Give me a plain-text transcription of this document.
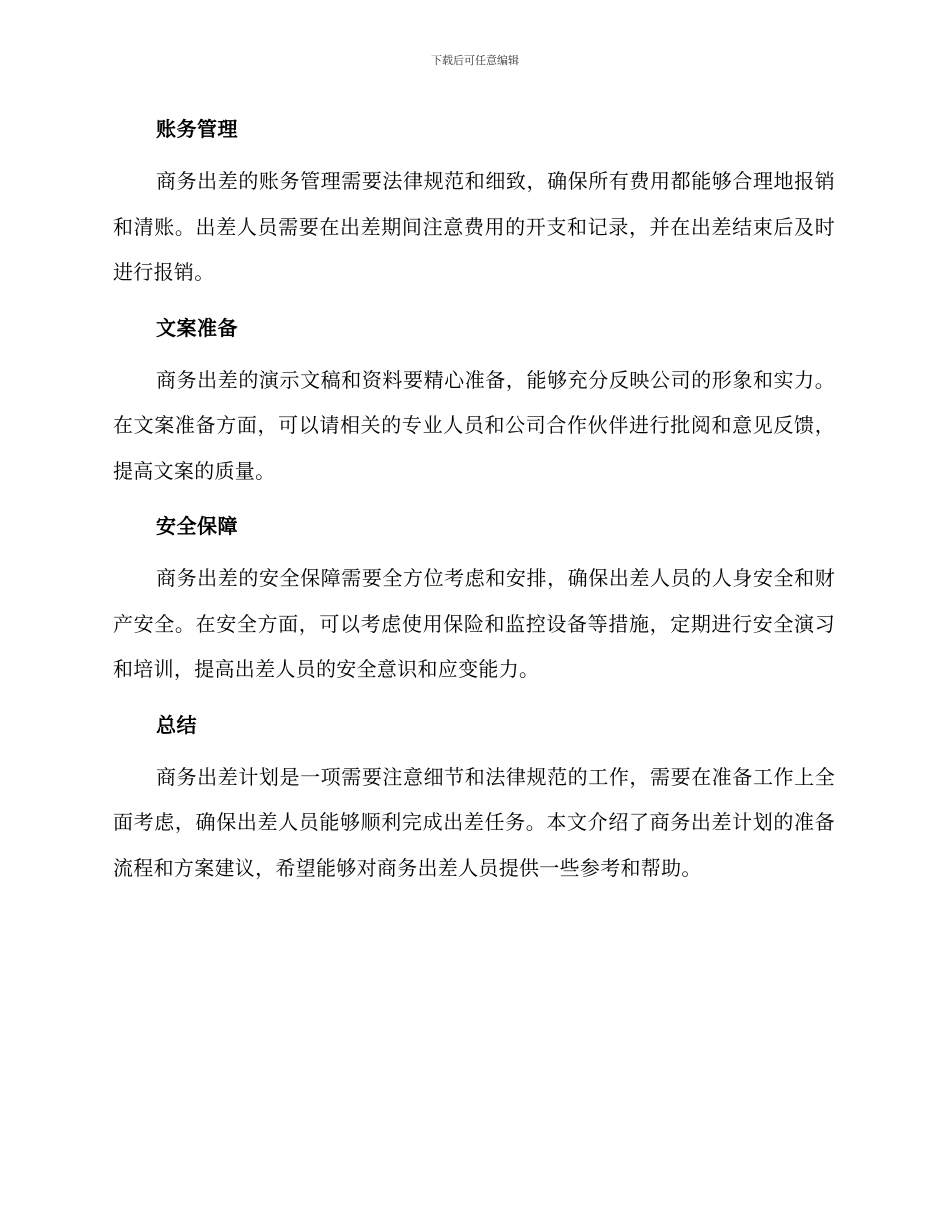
下载后可任意编辑
账务管理

商务出差的账务管理需要法律规范和细致，确保所有费用都能够合理地报销和清账。出差人员需要在出差期间注意费用的开支和记录，并在出差结束后及时进行报销。

文案准备

商务出差的演示文稿和资料要精心准备，能够充分反映公司的形象和实力。在文案准备方面，可以请相关的专业人员和公司合作伙伴进行批阅和意见反馈，提高文案的质量。

安全保障

商务出差的安全保障需要全方位考虑和安排，确保出差人员的人身安全和财产安全。在安全方面，可以考虑使用保险和监控设备等措施，定期进行安全演习和培训，提高出差人员的安全意识和应变能力。

总结

商务出差计划是一项需要注意细节和法律规范的工作，需要在准备工作上全面考虑，确保出差人员能够顺利完成出差任务。本文介绍了商务出差计划的准备流程和方案建议，希望能够对商务出差人员提供一些参考和帮助。
